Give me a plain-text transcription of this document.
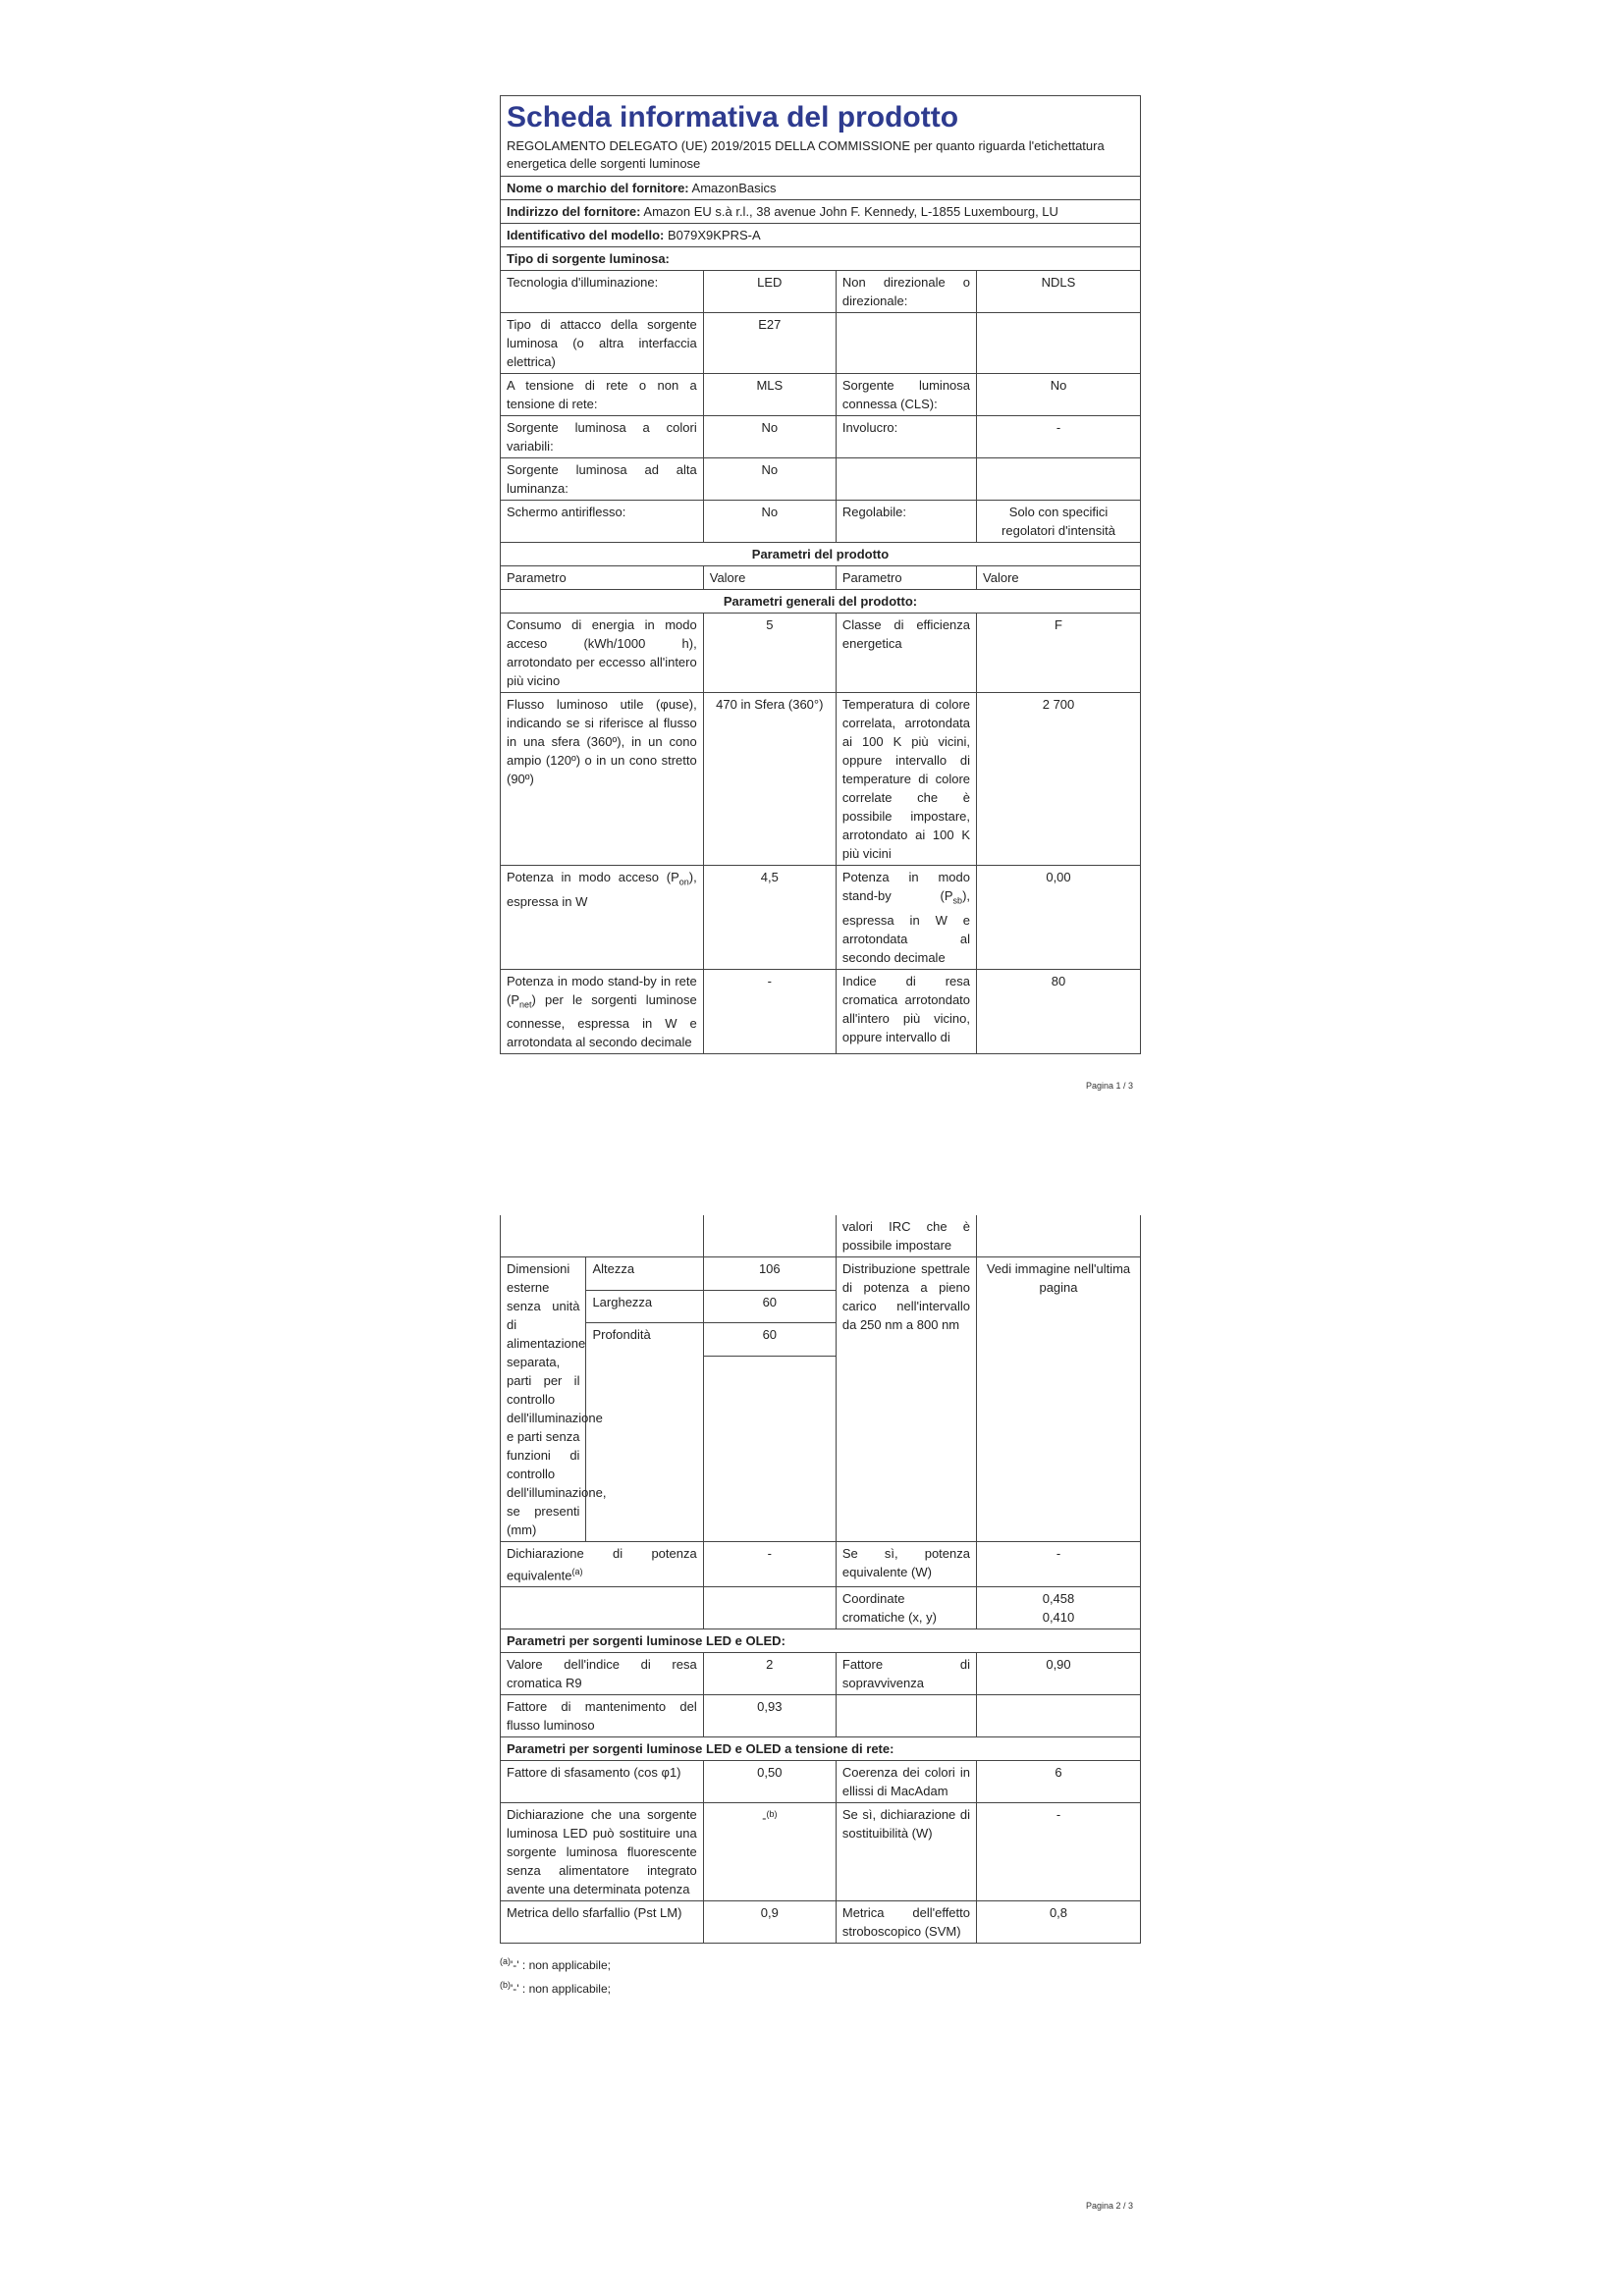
Scheda informativa del prodotto
REGOLAMENTO DELEGATO (UE) 2019/2015 DELLA COMMISSIONE per quanto riguarda l'etichettatura energetica delle sorgenti luminose			

Nome o marchio del fornitore: AmazonBasics			
Indirizzo del fornitore: Amazon EU s.à r.l., 38 avenue John F. Kennedy, L-1855 Luxembourg, LU			
Identificativo del modello: B079X9KPRS-A			
Tipo di sorgente luminosa:			
Tecnologia d'illuminazione:	LED	Non direzionale o direzionale:	NDLS
Tipo di attacco della sorgente luminosa (o altra interfaccia elettrica)	E27		
A tensione di rete o non a tensione di rete:	MLS	Sorgente luminosa connessa (CLS):	No
Sorgente luminosa a colori variabili:	No	Involucro:	-
Sorgente luminosa ad alta luminanza:	No		
Schermo antiriflesso:	No	Regolabile:	Solo con specifici regolatori d'intensità
Parametri del prodotto			
Parametro	Valore	Parametro	Valore
Parametri generali del prodotto:			
Consumo di energia in modo acceso (kWh/1000 h), arrotondato per eccesso all'intero più vicino	5	Classe di efficienza energetica	F
Flusso luminoso utile (φuse), indicando se si riferisce al flusso in una sfera (360º), in un cono ampio (120º) o in un cono stretto (90º)	470 in Sfera (360°)	Temperatura di colore correlata, arrotondata ai 100 K più vicini, oppure intervallo di temperature di colore correlate che è possibile impostare, arrotondato ai 100 K più vicini	2 700
Potenza in modo acceso $(P_{on})$, espressa in W	4,5	Potenza in modo stand-by $(P_{sb})$, espressa in W e arrotondata al secondo decimale	0,00
Potenza in modo stand-by in rete $(P_{net})$ per le sorgenti luminose connesse, espressa in W e arrotondata al secondo decimale	-	Indice di resa cromatica arrotondato all'intero più vicino, oppure intervallo di	80
Pagina 1 / 3
			valori IRC che è possibile impostare	
Dimensioni esterne senza unità di alimentazione separata, parti per il controllo dell'illuminazione e parti senza funzioni di controllo dell'illuminazione, se presenti (mm)	Altezza	106	Distribuzione spettrale di potenza a pieno carico nell'intervallo da 250 nm a 800 nm	Vedi immagine nell'ultima pagina
	Larghezza	60		
	Profondità	60		

Dichiarazione di potenza equivalente$^{(a)}$		-	Se sì, potenza equivalente (W)	-
			Coordinate cromatiche (x, y)	0,458
0,410

Parametri per sorgenti luminose LED e OLED:				
Valore dell'indice di resa cromatica R9		2	Fattore di sopravvivenza	0,90
Fattore di mantenimento del flusso luminoso		0,93		
Parametri per sorgenti luminose LED e OLED a tensione di rete:				
Fattore di sfasamento (cos φ1)		0,50	Coerenza dei colori in ellissi di MacAdam	6
Dichiarazione che una sorgente luminosa LED può sostituire una sorgente luminosa fluorescente senza alimentatore integrato avente una determinata potenza		-$^{(b)}$	Se sì, dichiarazione di sostituibilità (W)	-
Metrica dello sfarfallio (Pst LM)		0,9	Metrica dell'effetto stroboscopico (SVM)	0,8
$^{(a)}$'-' : non applicabile;
$^{(b)}$'-' : non applicabile;
Pagina 2 / 3
